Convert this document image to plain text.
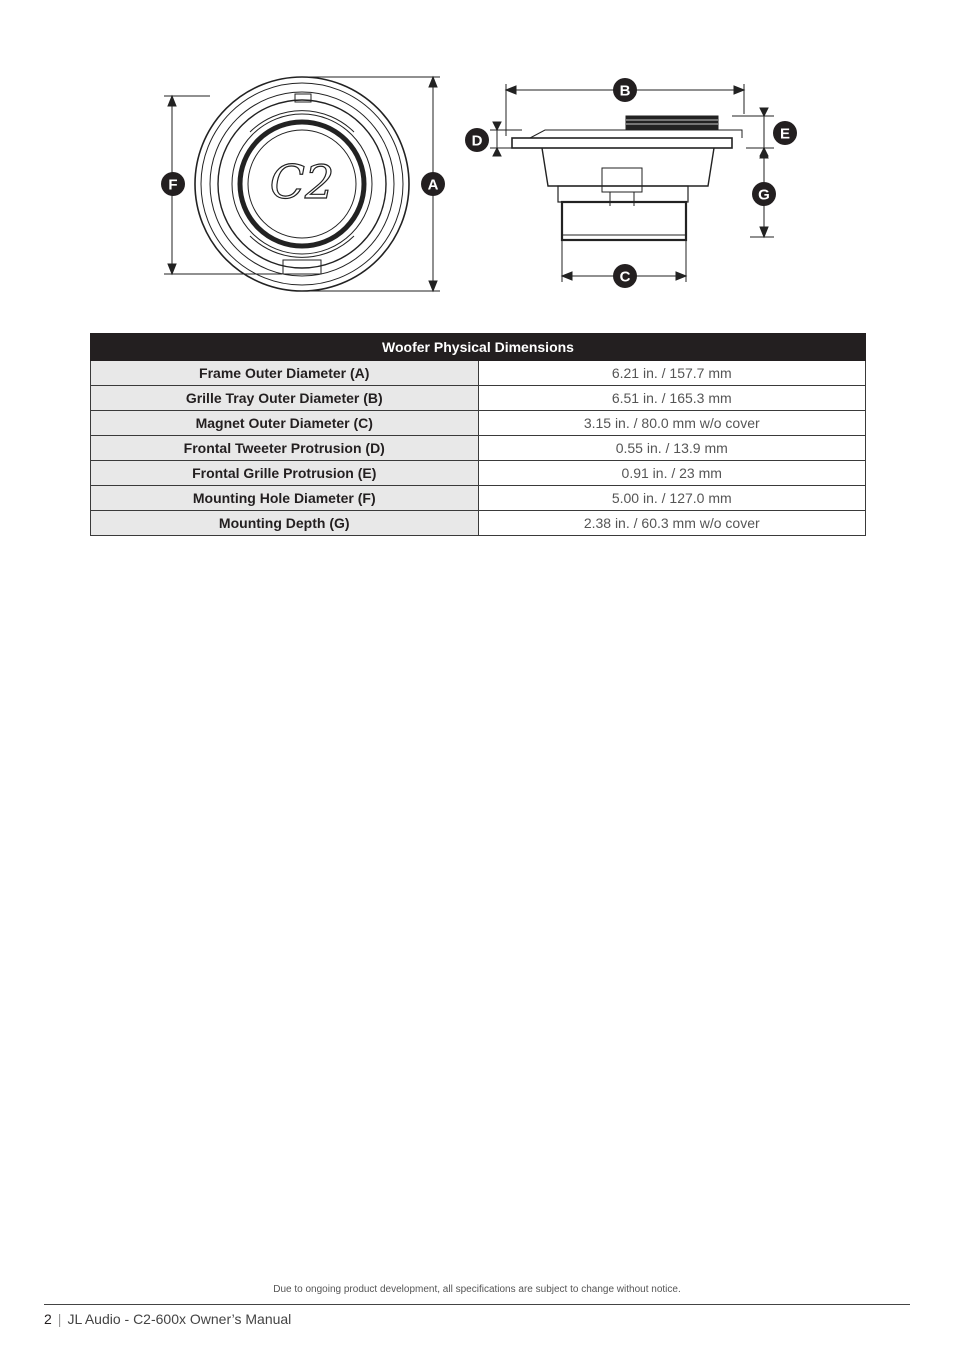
C2
F	A
B
D	E
G
C
Woofer Physical Dimensions	
Frame Outer Diameter (A)	6.21 in. / 157.7 mm
Grille Tray Outer Diameter (B)	6.51 in. / 165.3 mm
Magnet Outer Diameter (C)	3.15 in. / 80.0 mm w/o cover
Frontal Tweeter Protrusion (D)	0.55 in. / 13.9 mm
Frontal Grille Protrusion (E)	0.91 in. / 23 mm
Mounting Hole Diameter (F)	5.00 in. / 127.0 mm
Mounting Depth (G)	2.38 in. / 60.3 mm w/o cover
Due to ongoing product development, all specifications are subject to change without notice.
2 | JL Audio - C2-600x Owner’s Manual
